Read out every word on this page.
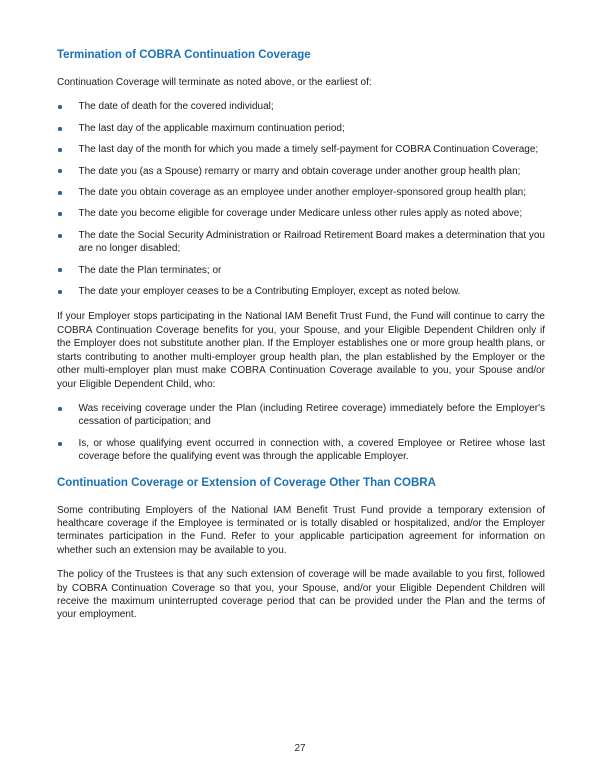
Termination of COBRA Continuation Coverage

Continuation Coverage will terminate as noted above, or the earliest of:

The date of death for the covered individual;
The last day of the applicable maximum continuation period;
The last day of the month for which you made a timely self-payment for COBRA Continuation Coverage;
The date you (as a Spouse) remarry or marry and obtain coverage under another group health plan;
The date you obtain coverage as an employee under another employer-sponsored group health plan;
The date you become eligible for coverage under Medicare unless other rules apply as noted above;
The date the Social Security Administration or Railroad Retirement Board makes a determination that you are no longer disabled;
The date the Plan terminates; or
The date your employer ceases to be a Contributing Employer, except as noted below.

If your Employer stops participating in the National IAM Benefit Trust Fund, the Fund will continue to carry the COBRA Continuation Coverage benefits for you, your Spouse, and your Eligible Dependent Children only if the Employer does not substitute another plan. If the Employer establishes one or more group health plans, or starts contributing to another multi-employer group health plan, the plan established by the Employer or the other multi-employer plan must make COBRA Continuation Coverage available to you, your Spouse and/or your Eligible Dependent Child, who:

Was receiving coverage under the Plan (including Retiree coverage) immediately before the Employer's cessation of participation; and
Is, or whose qualifying event occurred in connection with, a covered Employee or Retiree whose last coverage before the qualifying event was through the applicable Employer.
Continuation Coverage or Extension of Coverage Other Than COBRA

Some contributing Employers of the National IAM Benefit Trust Fund provide a temporary extension of healthcare coverage if the Employee is terminated or is totally disabled or hospitalized, and/or the Employer terminates participation in the Fund. Refer to your applicable participation agreement for information on whether such an extension may be available to you.

The policy of the Trustees is that any such extension of coverage will be made available to you first, followed by COBRA Continuation Coverage so that you, your Spouse, and/or your Eligible Dependent Children will receive the maximum uninterrupted coverage period that can be provided under the Plan and the terms of your employment.

27
